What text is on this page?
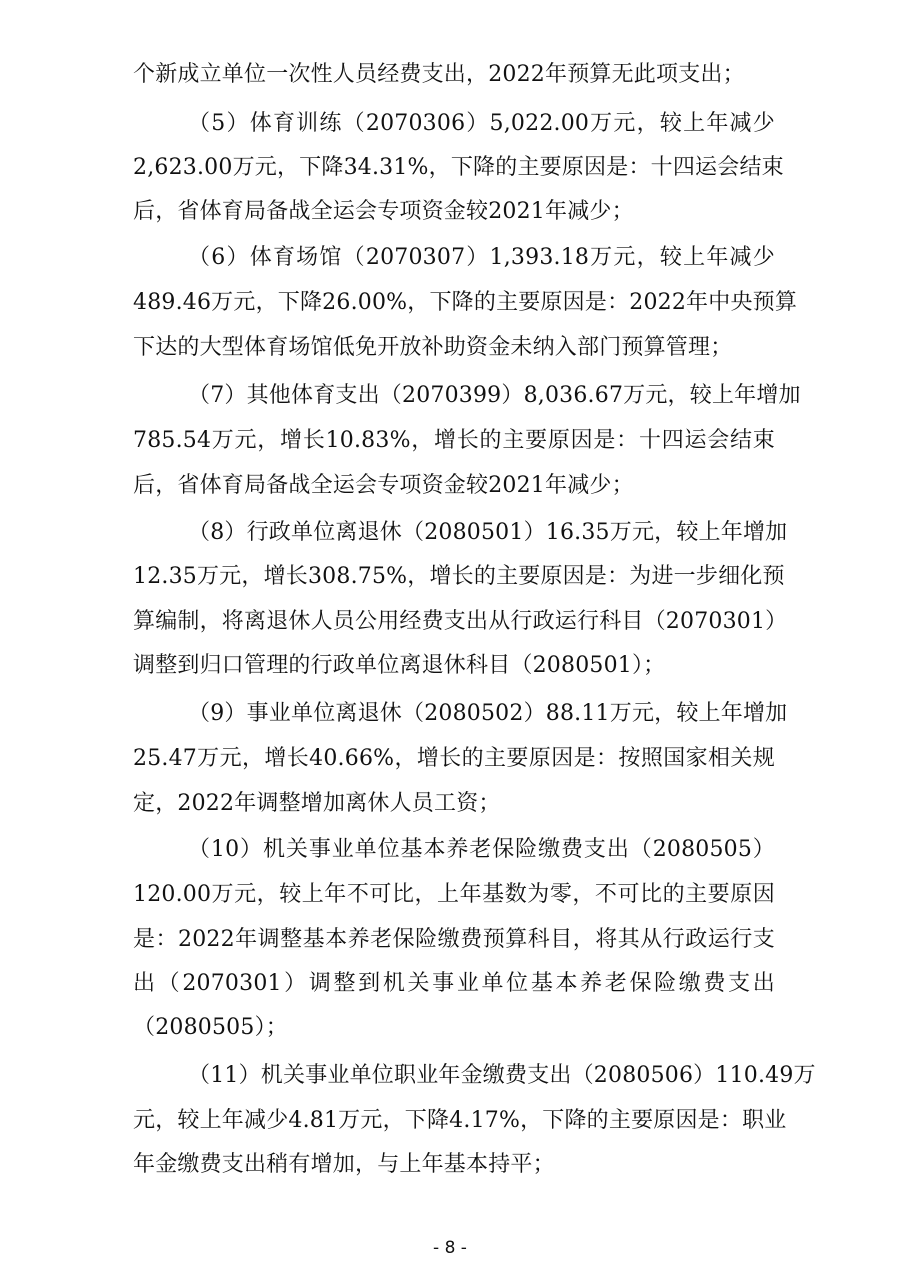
个新成立单位一次性人员经费支出，2022年预算无此项支出；
（5）体育训练（2070306）5,022.00万元，较上年减少
2,623.00万元，下降34.31%，下降的主要原因是：十四运会结束
后，省体育局备战全运会专项资金较2021年减少；
（6）体育场馆（2070307）1,393.18万元，较上年减少
489.46万元，下降26.00%，下降的主要原因是：2022年中央预算
下达的大型体育场馆低免开放补助资金未纳入部门预算管理；
（7）其他体育支出（2070399）8,036.67万元，较上年增加
785.54万元，增长10.83%，增长的主要原因是：十四运会结束
后，省体育局备战全运会专项资金较2021年减少；
（8）行政单位离退休（2080501）16.35万元，较上年增加
12.35万元，增长308.75%，增长的主要原因是：为进一步细化预
算编制，将离退休人员公用经费支出从行政运行科目（2070301）
调整到归口管理的行政单位离退休科目（2080501）；
（9）事业单位离退休（2080502）88.11万元，较上年增加
25.47万元，增长40.66%，增长的主要原因是：按照国家相关规
定，2022年调整增加离休人员工资；
（10）机关事业单位基本养老保险缴费支出（2080505）
120.00万元，较上年不可比，上年基数为零，不可比的主要原因
是：2022年调整基本养老保险缴费预算科目，将其从行政运行支
出（2070301）调整到机关事业单位基本养老保险缴费支出
（2080505）；
（11）机关事业单位职业年金缴费支出（2080506）110.49万
元，较上年减少4.81万元，下降4.17%，下降的主要原因是：职业
年金缴费支出稍有增加，与上年基本持平；
- 8 -
